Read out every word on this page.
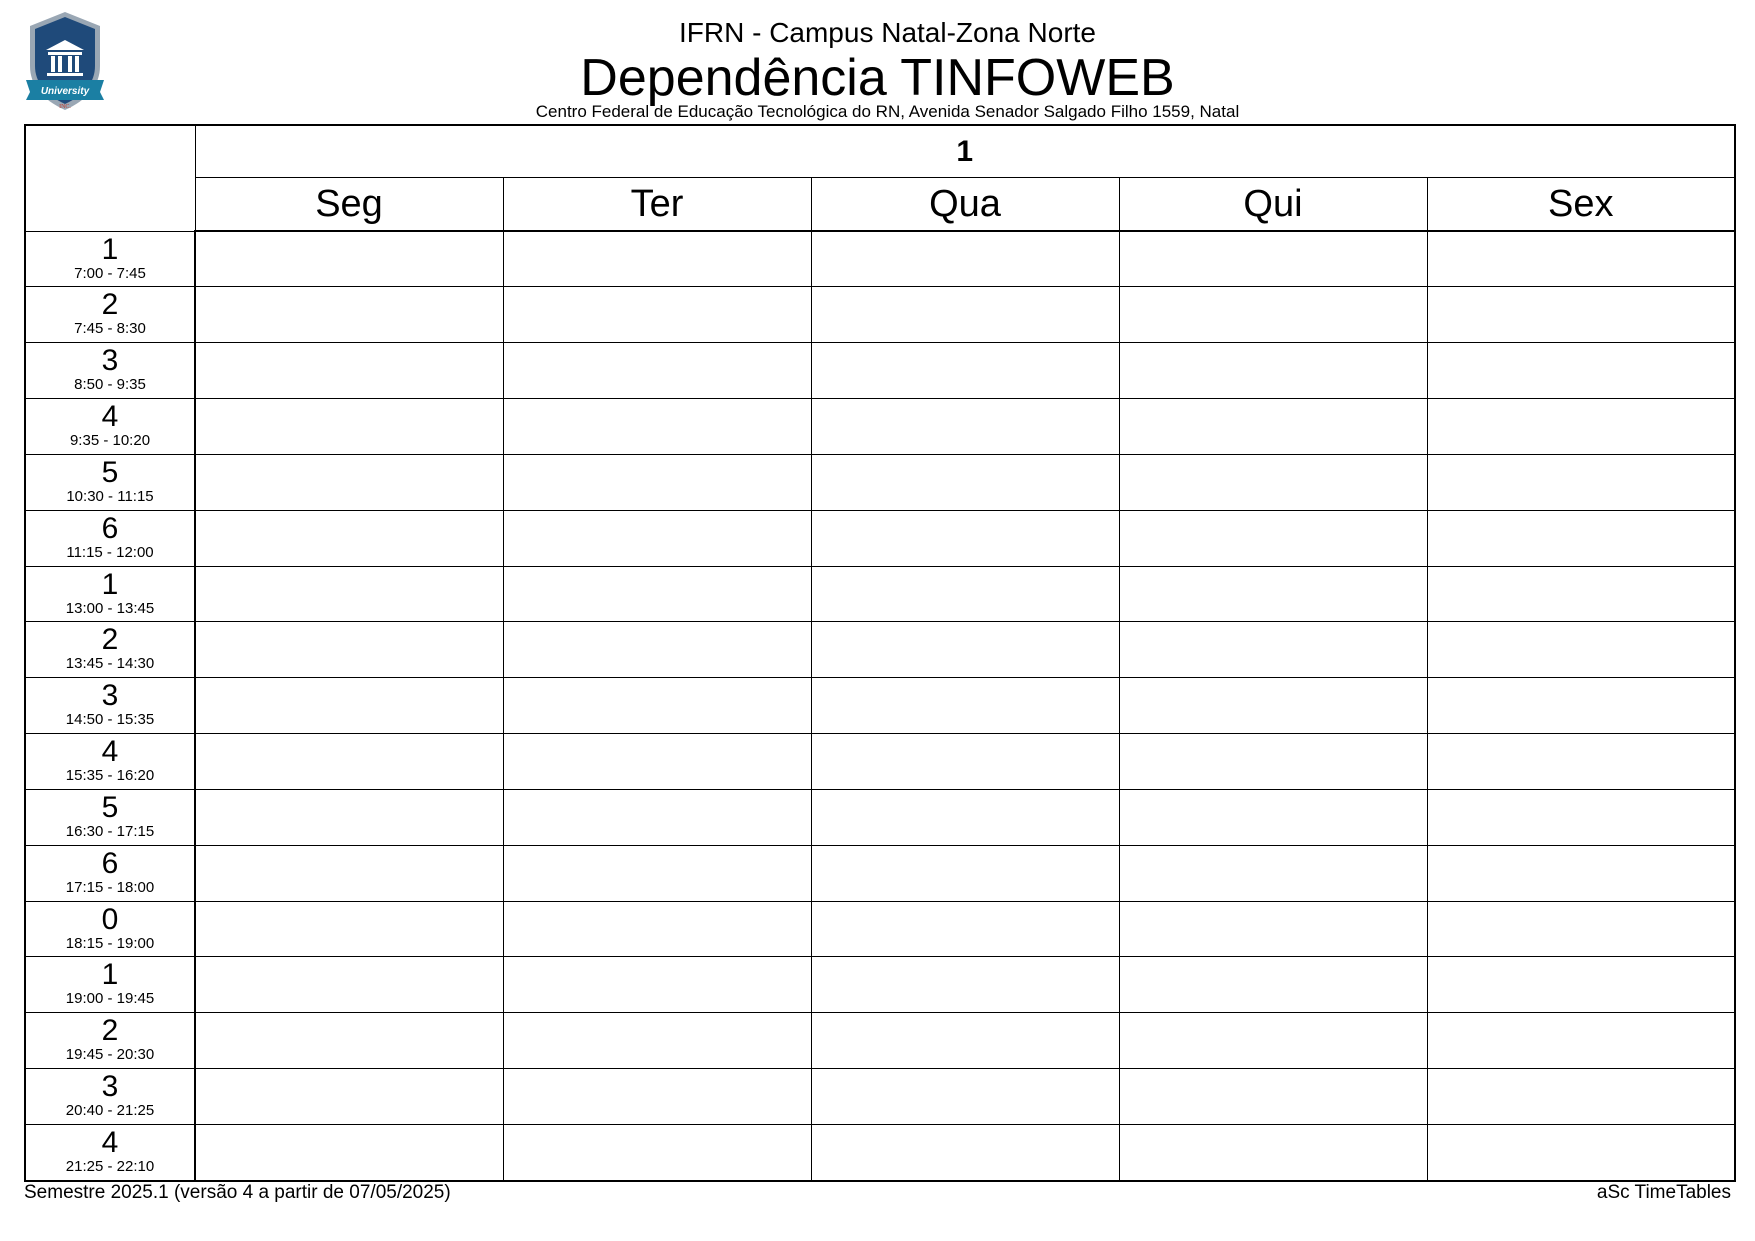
University
INC.
IFRN - Campus Natal-Zona Norte
Dependência TINFOWEB
Centro Federal de Educação Tecnológica do RN, Avenida Senador Salgado Filho 1559, Natal
	1				
	Seg	Ter	Qua	Qui	Sex

1
7:00 - 7:45					

2
7:45 - 8:30					

3
8:50 - 9:35					

4
9:35 - 10:20					

5
10:30 - 11:15					

6
11:15 - 12:00					

1
13:00 - 13:45					

2
13:45 - 14:30					

3
14:50 - 15:35					

4
15:35 - 16:20					

5
16:30 - 17:15					

6
17:15 - 18:00					

0
18:15 - 19:00					

1
19:00 - 19:45					

2
19:45 - 20:30					

3
20:40 - 21:25					

4
21:25 - 22:10					

Semestre 2025.1 (versão 4 a partir de 07/05/2025)	aSc TimeTables
